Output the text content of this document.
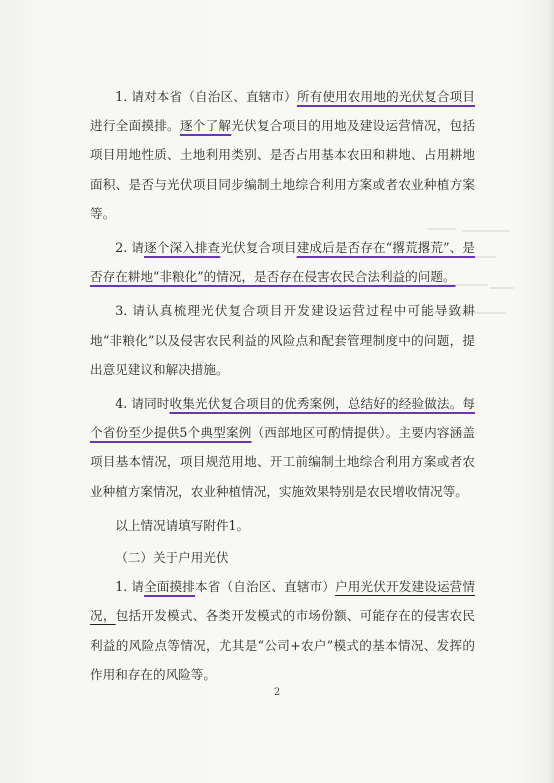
1. 请对本省（自治区、直辖市）所有使用农用地的光伏复合项目进行全面摸排。逐个了解光伏复合项目的用地及建设运营情况，包括项目用地性质、土地利用类别、是否占用基本农田和耕地、占用耕地面积、是否与光伏项目同步编制土地综合利用方案或者农业种植方案等。

2. 请逐个深入排查光伏复合项目建成后是否存在“撂荒撂荒”、是否存在耕地“非粮化”的情况，是否存在侵害农民合法利益的问题。

3. 请认真梳理光伏复合项目开发建设运营过程中可能导致耕地“非粮化”以及侵害农民利益的风险点和配套管理制度中的问题，提出意见建议和解决措施。

4. 请同时收集光伏复合项目的优秀案例，总结好的经验做法。每个省份至少提供5个典型案例（西部地区可酌情提供）。主要内容涵盖项目基本情况，项目规范用地、开工前编制土地综合利用方案或者农业种植方案情况，农业种植情况，实施效果特别是农民增收情况等。

以上情况请填写附件1。

（二）关于户用光伏

1. 请全面摸排本省（自治区、直辖市）户用光伏开发建设运营情况，包括开发模式、各类开发模式的市场份额、可能存在的侵害农民利益的风险点等情况，尤其是“公司+农户”模式的基本情况、发挥的作用和存在的风险等。

2
